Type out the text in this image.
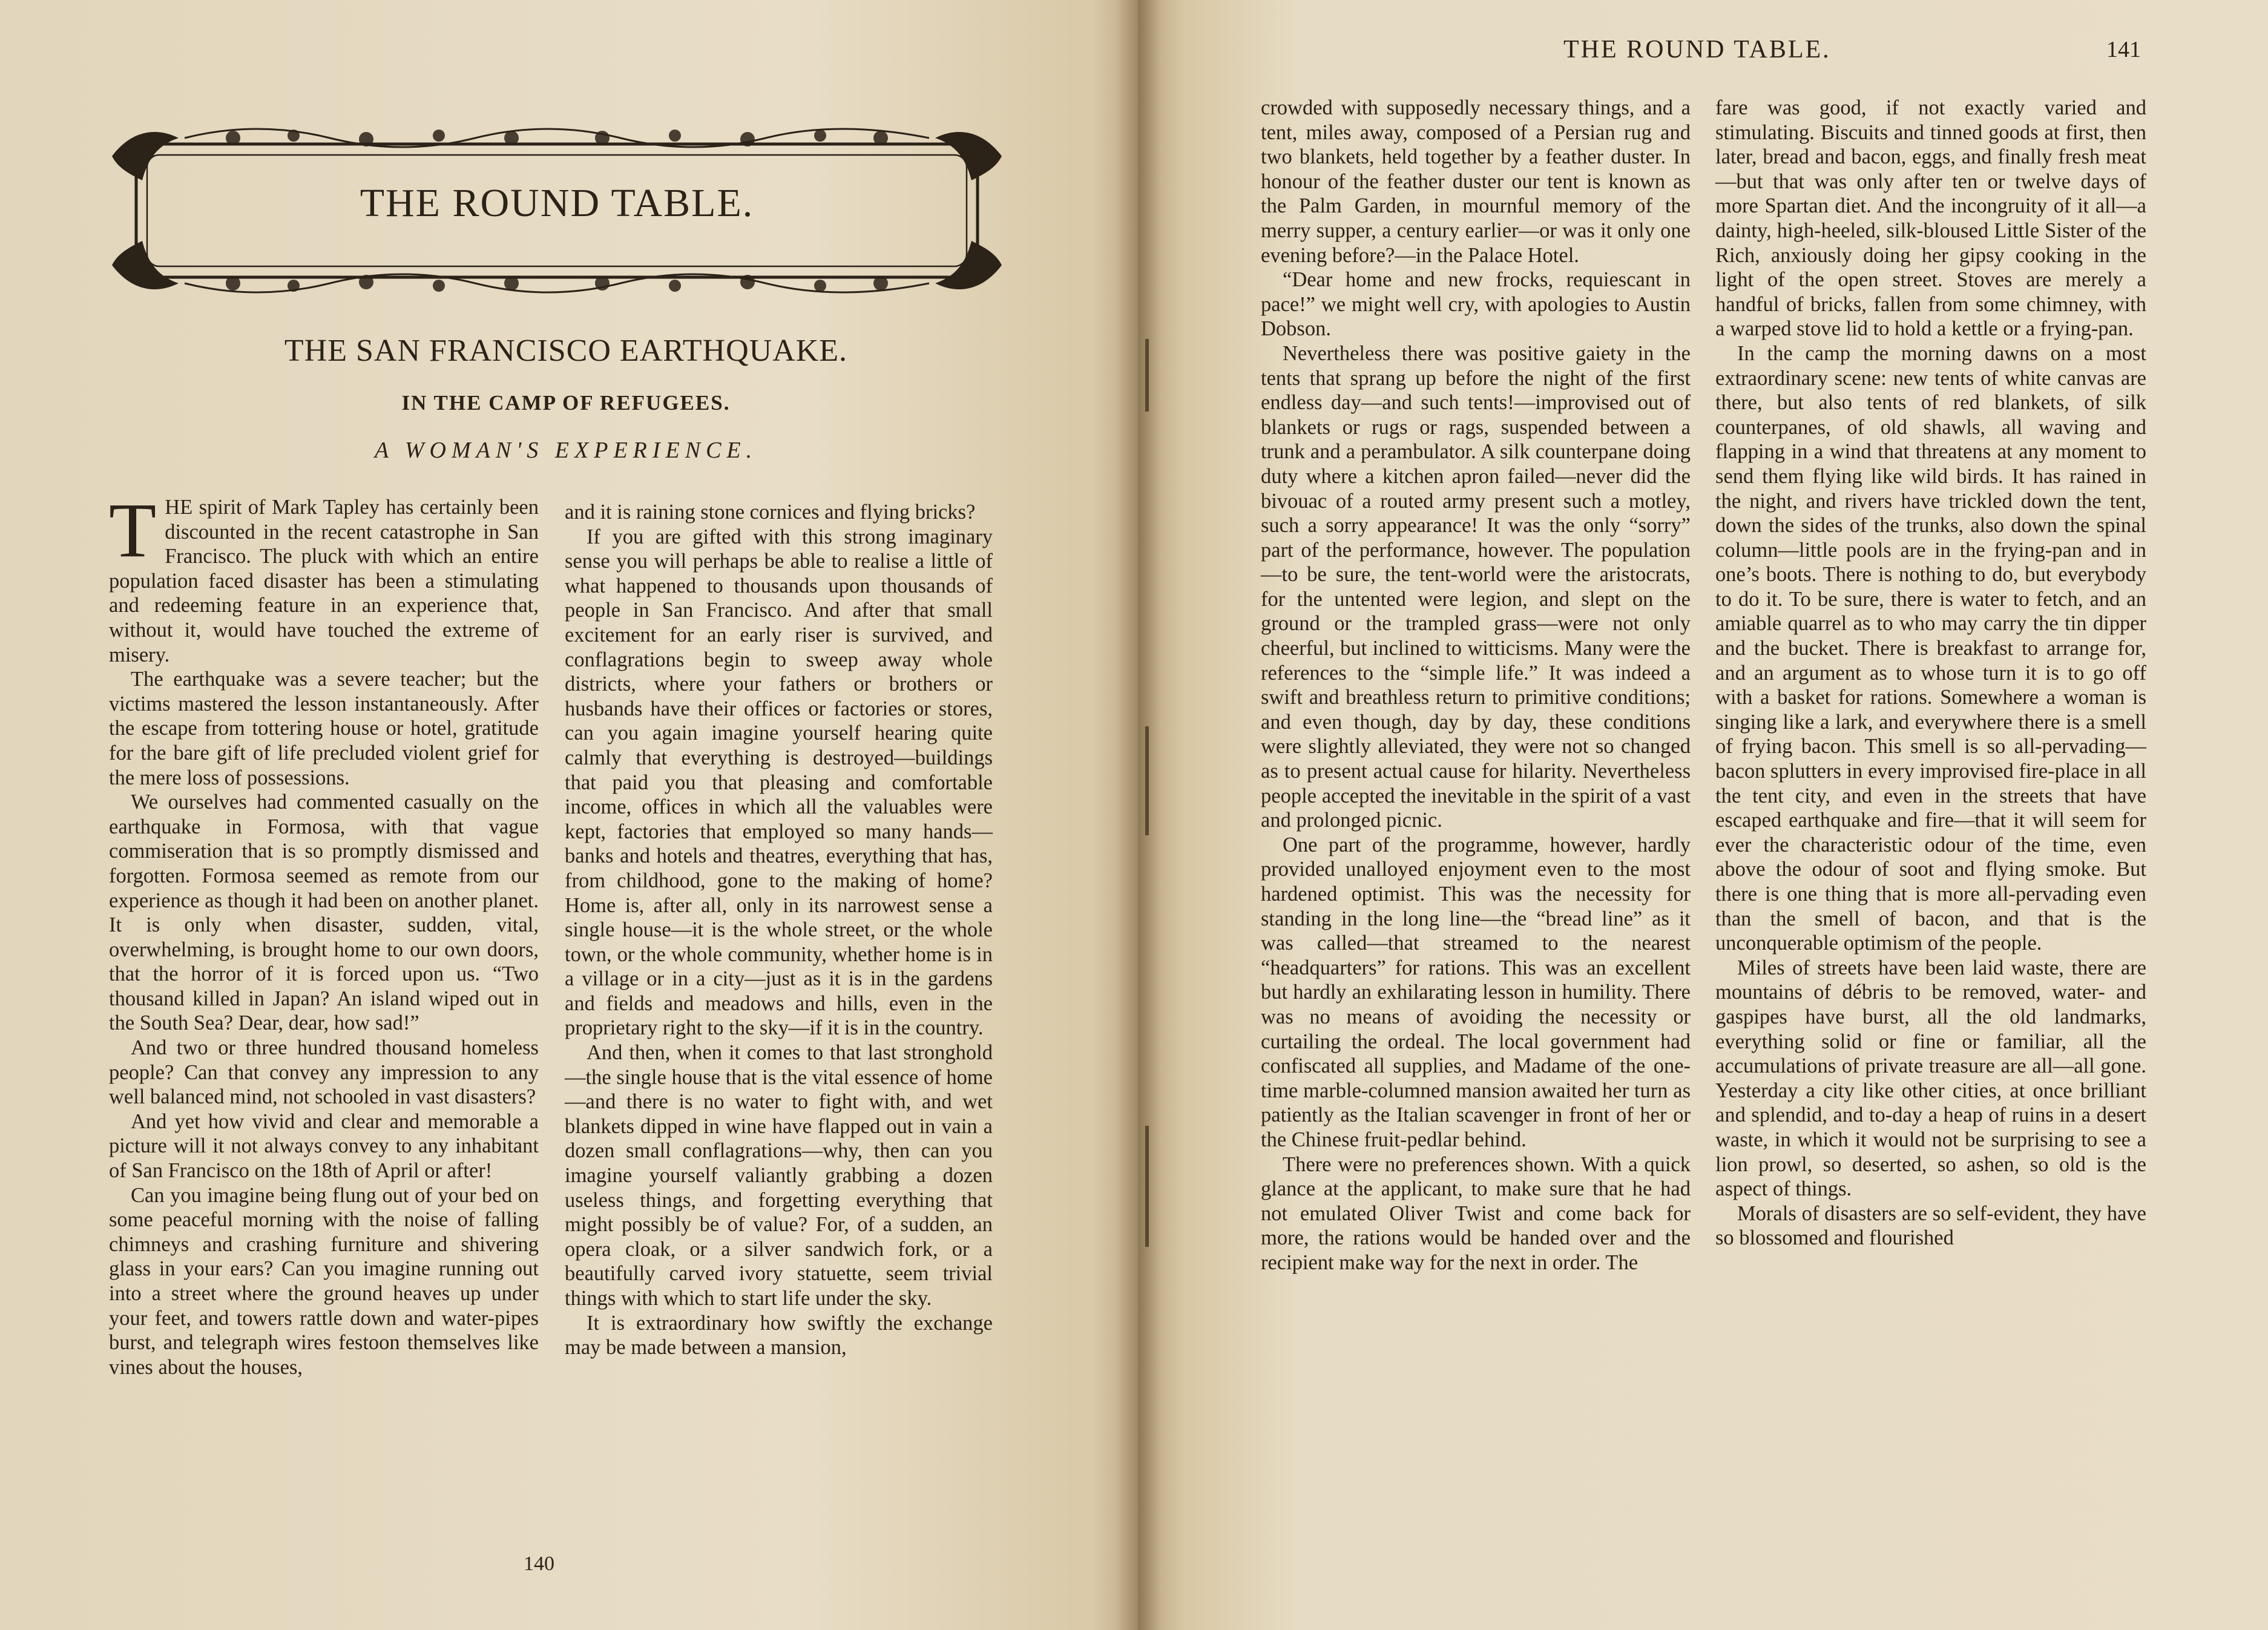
THE ROUND TABLE.
THE SAN FRANCISCO EARTHQUAKE.
IN THE CAMP OF REFUGEES.
A WOMAN'S EXPERIENCE.

THE spirit of Mark Tapley has certainly been discounted in the recent catastrophe in San Francisco. The pluck with which an entire population faced disaster has been a stimulating and redeeming feature in an experience that, without it, would have touched the extreme of misery.

The earthquake was a severe teacher; but the victims mastered the lesson instantaneously. After the escape from tottering house or hotel, gratitude for the bare gift of life precluded violent grief for the mere loss of possessions.

We ourselves had commented casually on the earthquake in Formosa, with that vague commiseration that is so promptly dismissed and forgotten. Formosa seemed as remote from our experience as though it had been on another planet. It is only when disaster, sudden, vital, overwhelming, is brought home to our own doors, that the horror of it is forced upon us. “Two thousand killed in Japan? An island wiped out in the South Sea? Dear, dear, how sad!”

And two or three hundred thousand homeless people? Can that convey any impression to any well balanced mind, not schooled in vast disasters?

And yet how vivid and clear and memorable a picture will it not always convey to any inhabitant of San Francisco on the 18th of April or after!

Can you imagine being flung out of your bed on some peaceful morning with the noise of falling chimneys and crashing furniture and shivering glass in your ears? Can you imagine running out into a street where the ground heaves up under your feet, and towers rattle down and water-pipes burst, and telegraph wires festoon themselves like vines about the houses,

and it is raining stone cornices and flying bricks?

If you are gifted with this strong imaginary sense you will perhaps be able to realise a little of what happened to thousands upon thousands of people in San Francisco. And after that small excitement for an early riser is survived, and conflagrations begin to sweep away whole districts, where your fathers or brothers or husbands have their offices or factories or stores, can you again imagine yourself hearing quite calmly that everything is destroyed—buildings that paid you that pleasing and comfortable income, offices in which all the valuables were kept, factories that employed so many hands—banks and hotels and theatres, everything that has, from childhood, gone to the making of home? Home is, after all, only in its narrowest sense a single house—it is the whole street, or the whole town, or the whole community, whether home is in a village or in a city—just as it is in the gardens and fields and meadows and hills, even in the proprietary right to the sky—if it is in the country.

And then, when it comes to that last stronghold—the single house that is the vital essence of home—and there is no water to fight with, and wet blankets dipped in wine have flapped out in vain a dozen small conflagrations—why, then can you imagine yourself valiantly grabbing a dozen useless things, and forgetting everything that might possibly be of value? For, of a sudden, an opera cloak, or a silver sandwich fork, or a beautifully carved ivory statuette, seem trivial things with which to start life under the sky.

It is extraordinary how swiftly the exchange may be made between a mansion,

140
THE ROUND TABLE.	141

crowded with supposedly necessary things, and a tent, miles away, composed of a Persian rug and two blankets, held together by a feather duster. In honour of the feather duster our tent is known as the Palm Garden, in mournful memory of the merry supper, a century earlier—or was it only one evening before?—in the Palace Hotel.

“Dear home and new frocks, requiescant in pace!” we might well cry, with apologies to Austin Dobson.

Nevertheless there was positive gaiety in the tents that sprang up before the night of the first endless day—and such tents!—improvised out of blankets or rugs or rags, suspended between a trunk and a perambulator. A silk counterpane doing duty where a kitchen apron failed—never did the bivouac of a routed army present such a motley, such a sorry appearance! It was the only “sorry” part of the performance, however. The population—to be sure, the tent-world were the aristocrats, for the untented were legion, and slept on the ground or the trampled grass—were not only cheerful, but inclined to witticisms. Many were the references to the “simple life.” It was indeed a swift and breathless return to primitive conditions; and even though, day by day, these conditions were slightly alleviated, they were not so changed as to present actual cause for hilarity. Nevertheless people accepted the inevitable in the spirit of a vast and prolonged picnic.

One part of the programme, however, hardly provided unalloyed enjoyment even to the most hardened optimist. This was the necessity for standing in the long line—the “bread line” as it was called—that streamed to the nearest “headquarters” for rations. This was an excellent but hardly an exhilarating lesson in humility. There was no means of avoiding the necessity or curtailing the ordeal. The local government had confiscated all supplies, and Madame of the one-time marble-columned mansion awaited her turn as patiently as the Italian scavenger in front of her or the Chinese fruit-pedlar behind.

There were no preferences shown. With a quick glance at the applicant, to make sure that he had not emulated Oliver Twist and come back for more, the rations would be handed over and the recipient make way for the next in order. The

fare was good, if not exactly varied and stimulating. Biscuits and tinned goods at first, then later, bread and bacon, eggs, and finally fresh meat—but that was only after ten or twelve days of more Spartan diet. And the incongruity of it all—a dainty, high-heeled, silk-bloused Little Sister of the Rich, anxiously doing her gipsy cooking in the light of the open street. Stoves are merely a handful of bricks, fallen from some chimney, with a warped stove lid to hold a kettle or a frying-pan.

In the camp the morning dawns on a most extraordinary scene: new tents of white canvas are there, but also tents of red blankets, of silk counterpanes, of old shawls, all waving and flapping in a wind that threatens at any moment to send them flying like wild birds. It has rained in the night, and rivers have trickled down the tent, down the sides of the trunks, also down the spinal column—little pools are in the frying-pan and in one’s boots. There is nothing to do, but everybody to do it. To be sure, there is water to fetch, and an amiable quarrel as to who may carry the tin dipper and the bucket. There is breakfast to arrange for, and an argument as to whose turn it is to go off with a basket for rations. Somewhere a woman is singing like a lark, and everywhere there is a smell of frying bacon. This smell is so all-pervading—bacon splutters in every improvised fire-place in all the tent city, and even in the streets that have escaped earthquake and fire—that it will seem for ever the characteristic odour of the time, even above the odour of soot and flying smoke. But there is one thing that is more all-pervading even than the smell of bacon, and that is the unconquerable optimism of the people.

Miles of streets have been laid waste, there are mountains of débris to be removed, water- and gaspipes have burst, all the old landmarks, everything solid or fine or familiar, all the accumulations of private treasure are all—all gone. Yesterday a city like other cities, at once brilliant and splendid, and to-day a heap of ruins in a desert waste, in which it would not be surprising to see a lion prowl, so deserted, so ashen, so old is the aspect of things.

Morals of disasters are so self-evident, they have so blossomed and flourished
